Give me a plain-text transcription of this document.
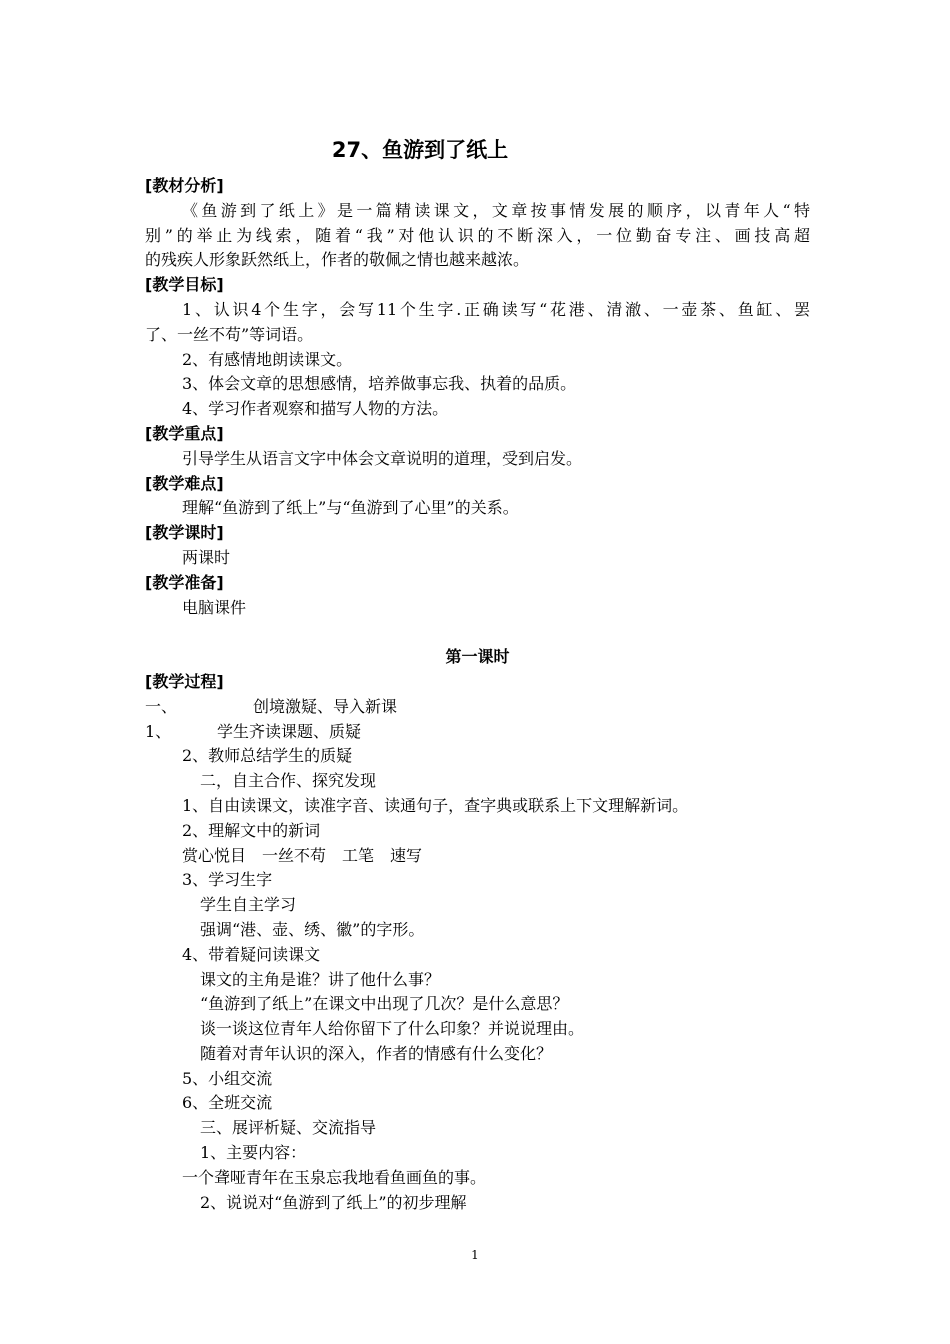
27、鱼游到了纸上
[教材分析]
《鱼游到了纸上》是一篇精读课文，文章按事情发展的顺序，以青年人“特
别”的举止为线索，随着“我”对他认识的不断深入，一位勤奋专注、画技高超
的残疾人形象跃然纸上，作者的敬佩之情也越来越浓。
[教学目标]
1、认识4个生字，会写11个生字.正确读写“花港、清澈、一壶茶、鱼缸、罢
了、一丝不苟”等词语。
2、有感情地朗读课文。
3、体会文章的思想感情，培养做事忘我、执着的品质。
4、学习作者观察和描写人物的方法。
[教学重点]
引导学生从语言文字中体会文章说明的道理，受到启发。
[教学难点]
理解“鱼游到了纸上”与“鱼游到了心里”的关系。
[教学课时]
两课时
[教学准备]
电脑课件
第一课时
[教学过程]
一、	创境激疑、导入新课
1、	学生齐读课题、质疑
2、教师总结学生的质疑
二，自主合作、探究发现
1、自由读课文，读准字音、读通句子，查字典或联系上下文理解新词。
2、理解文中的新词
赏心悦目　一丝不苟　工笔　速写
3、学习生字
学生自主学习
强调“港、壶、绣、徽”的字形。
4、带着疑问读课文
课文的主角是谁？讲了他什么事？
“鱼游到了纸上”在课文中出现了几次？是什么意思？
谈一谈这位青年人给你留下了什么印象？并说说理由。
随着对青年认识的深入，作者的情感有什么变化？
5、小组交流
6、全班交流
三、展评析疑、交流指导
1、主要内容：
一个聋哑青年在玉泉忘我地看鱼画鱼的事。
2、说说对“鱼游到了纸上”的初步理解
1
